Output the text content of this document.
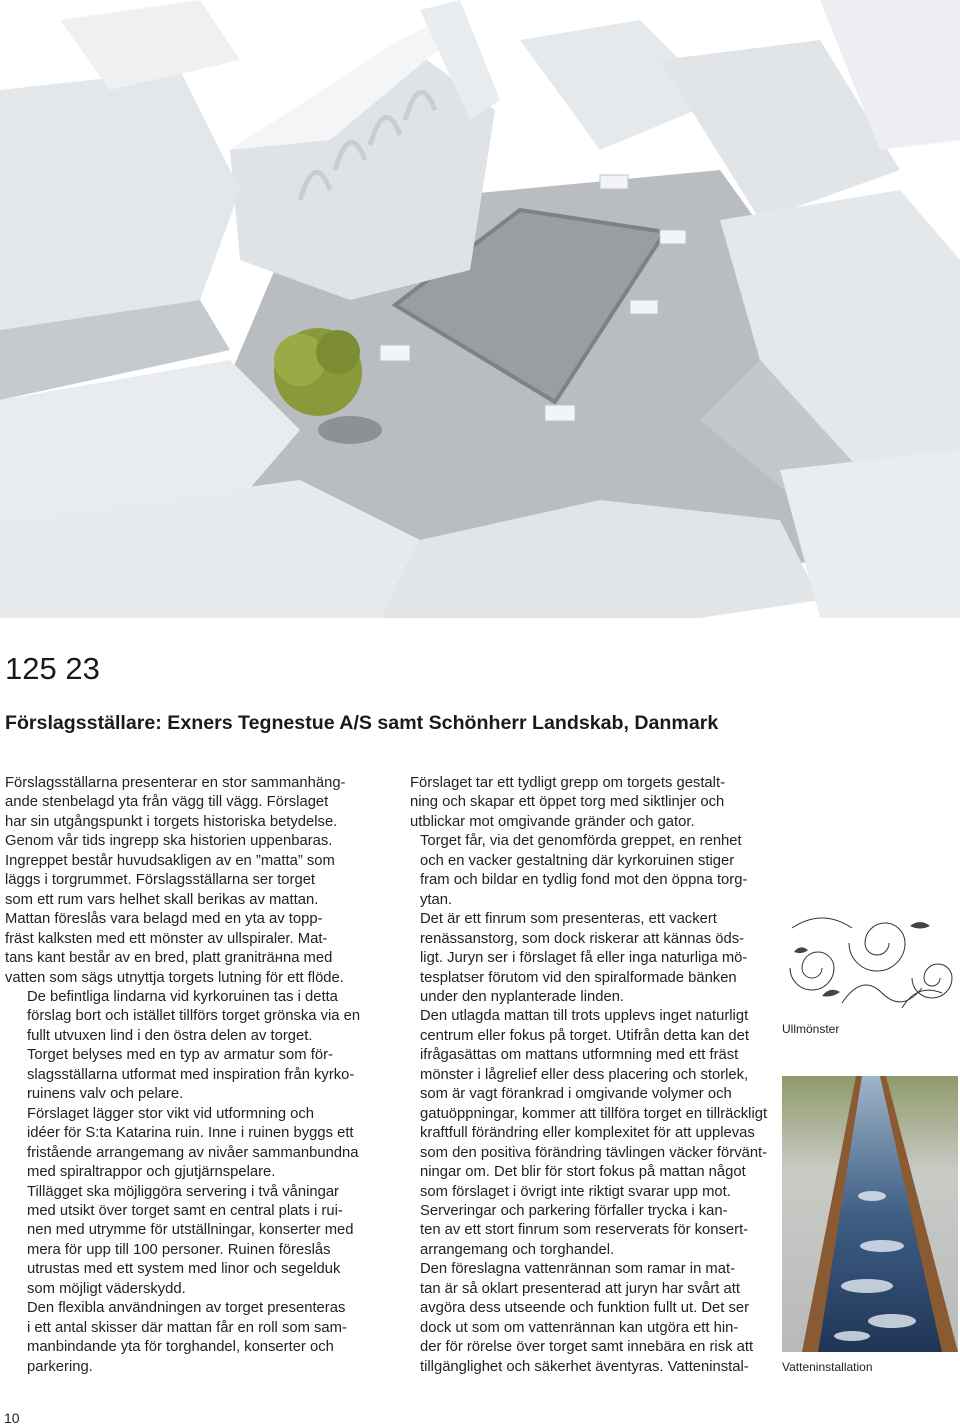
125 23
Förslagsställare: Exners Tegnestue A/S samt Schönherr Landskab, Danmark

Förslagsställarna presenterar en stor sammanhäng-
ande stenbelagd yta från vägg till vägg. Förslaget
har sin utgångspunkt i torgets historiska betydelse.
Genom vår tids ingrepp ska historien uppenbaras.
Ingreppet består huvudsakligen av en ”matta” som
läggs i torgrummet. Förslagsställarna ser torget
som ett rum vars helhet skall berikas av mattan.
Mattan föreslås vara belagd med en yta av topp-
fräst kalksten med ett mönster av ullspiraler. Mat-
tans kant består av en bred, platt graniträнna med
vatten som sägs utnyttja torgets lutning för ett flöde.

De befintliga lindarna vid kyrkoruinen tas i detta
förslag bort och istället tillförs torget grönska via en
fullt utvuxen lind i den östra delen av torget.

Torget belyses med en typ av armatur som för-
slagsställarna utformat med inspiration från kyrko-
ruinens valv och pelare.

Förslaget lägger stor vikt vid utformning och
idéer för S:ta Katarina ruin. Inne i ruinen byggs ett
fristående arrangemang av nivåer sammanbundna
med spiraltrappor och gjutjärnspelare.

Tillägget ska möjliggöra servering i två våningar
med utsikt över torget samt en central plats i rui-
nen med utrymme för utställningar, konserter med
mera för upp till 100 personer. Ruinen föreslås
utrustas med ett system med linor och segelduk
som möjligt väderskydd.

Den flexibla användningen av torget presenteras
i ett antal skisser där mattan får en roll som sam-
manbindande yta för torghandel, konserter och
parkering.

Förslaget tar ett tydligt grepp om torgets gestalt-
ning och skapar ett öppet torg med siktlinjer och
utblickar mot omgivande gränder och gator.

Torget får, via det genomförda greppet, en renhet
och en vacker gestaltning där kyrkoruinen stiger
fram och bildar en tydlig fond mot den öppna torg-
ytan.

Det är ett finrum som presenteras, ett vackert
renässanstorg, som dock riskerar att kännas öds-
ligt. Juryn ser i förslaget få eller inga naturliga mö-
tesplatser förutom vid den spiralformade bänken
under den nyplanterade linden.

Den utlagda mattan till trots upplevs inget naturligt
centrum eller fokus på torget. Utifrån detta kan det
ifrågasättas om mattans utformning med ett fräst
mönster i lågrelief eller dess placering och storlek,
som är vagt förankrad i omgivande volymer och
gatuöppningar, kommer att tillföra torget en tillräckligt
kraftfull förändring eller komplexitet för att upplevas
som den positiva förändring tävlingen väcker förvänt-
ningar om. Det blir för stort fokus på mattan något
som förslaget i övrigt inte riktigt svarar upp mot.

Serveringar och parkering förfaller trycka i kan-
ten av ett stort finrum som reserverats för konsert-
arrangemang och torghandel.

Den föreslagna vattenrännan som ramar in mat-
tan är så oklart presenterad att juryn har svårt att
avgöra dess utseende och funktion fullt ut. Det ser
dock ut som om vattenrännan kan utgöra ett hin-
der för rörelse över torget samt innebära en risk att
tillgänglighet och säkerhet äventyras. Vatteninstal-

Ullmönster
Vatteninstallation
10
